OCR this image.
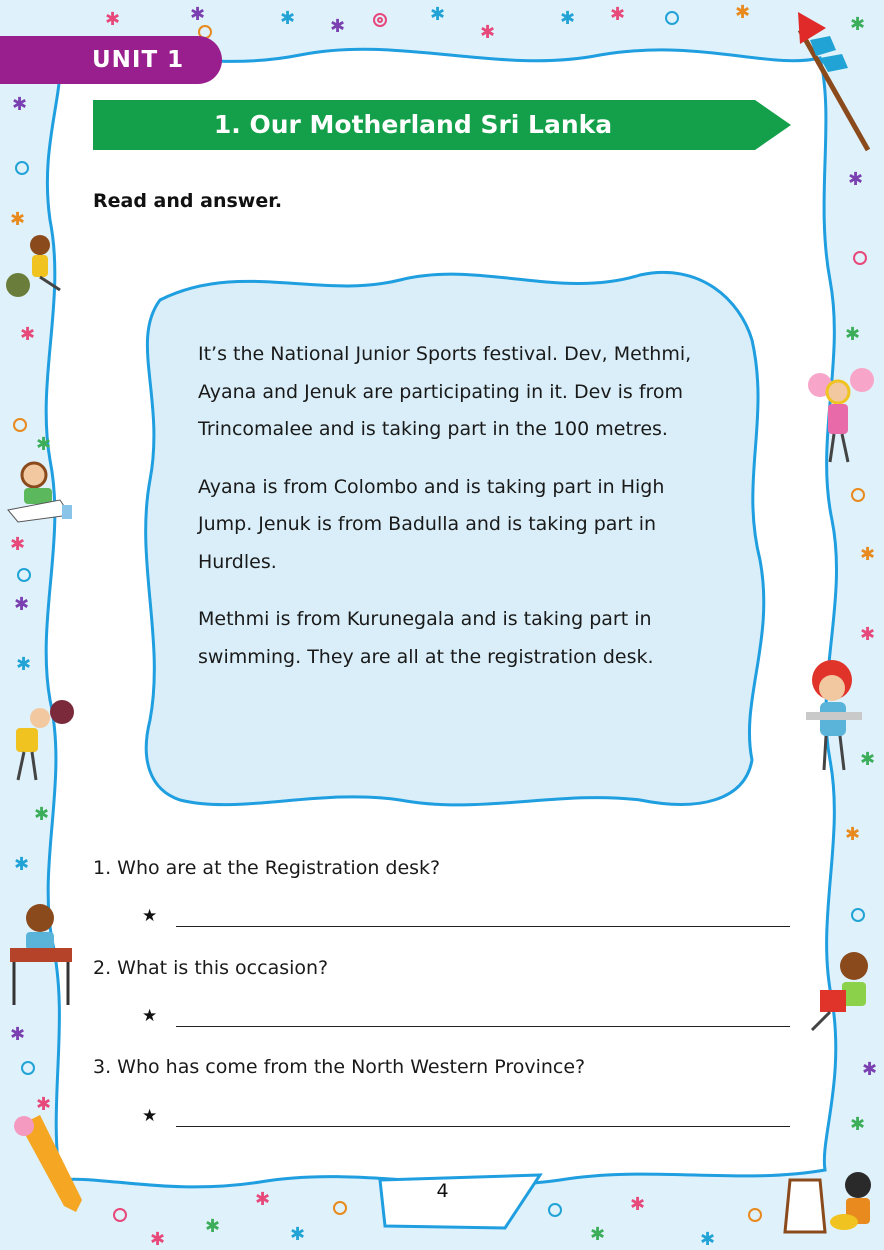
✱	✱	✱ ✱
✱
✱
✱ ✱	✱
✱
✱
✱
✱
✱
✱
✱
✱
✱
✱
✱
✱
✱
✱
✱
✱
✱
✱
✱
✱
✱
✱
✱
✱	✱
✱
✱
UNIT 1
1. Our Motherland Sri Lanka
Read and answer.

It’s the National Junior Sports festival. Dev, Methmi, Ayana and Jenuk are participating in it. Dev is from Trincomalee and is taking part in the 100 metres.

Ayana is from Colombo and is taking part in High Jump. Jenuk is from Badulla and is taking part in Hurdles.

Methmi is from Kurunegala and is taking part in swimming. They are all at the registration desk.

1. Who are at the Registration desk?
★
2. What is this occasion?
★
3. Who has come from the North Western Province?
★
4
